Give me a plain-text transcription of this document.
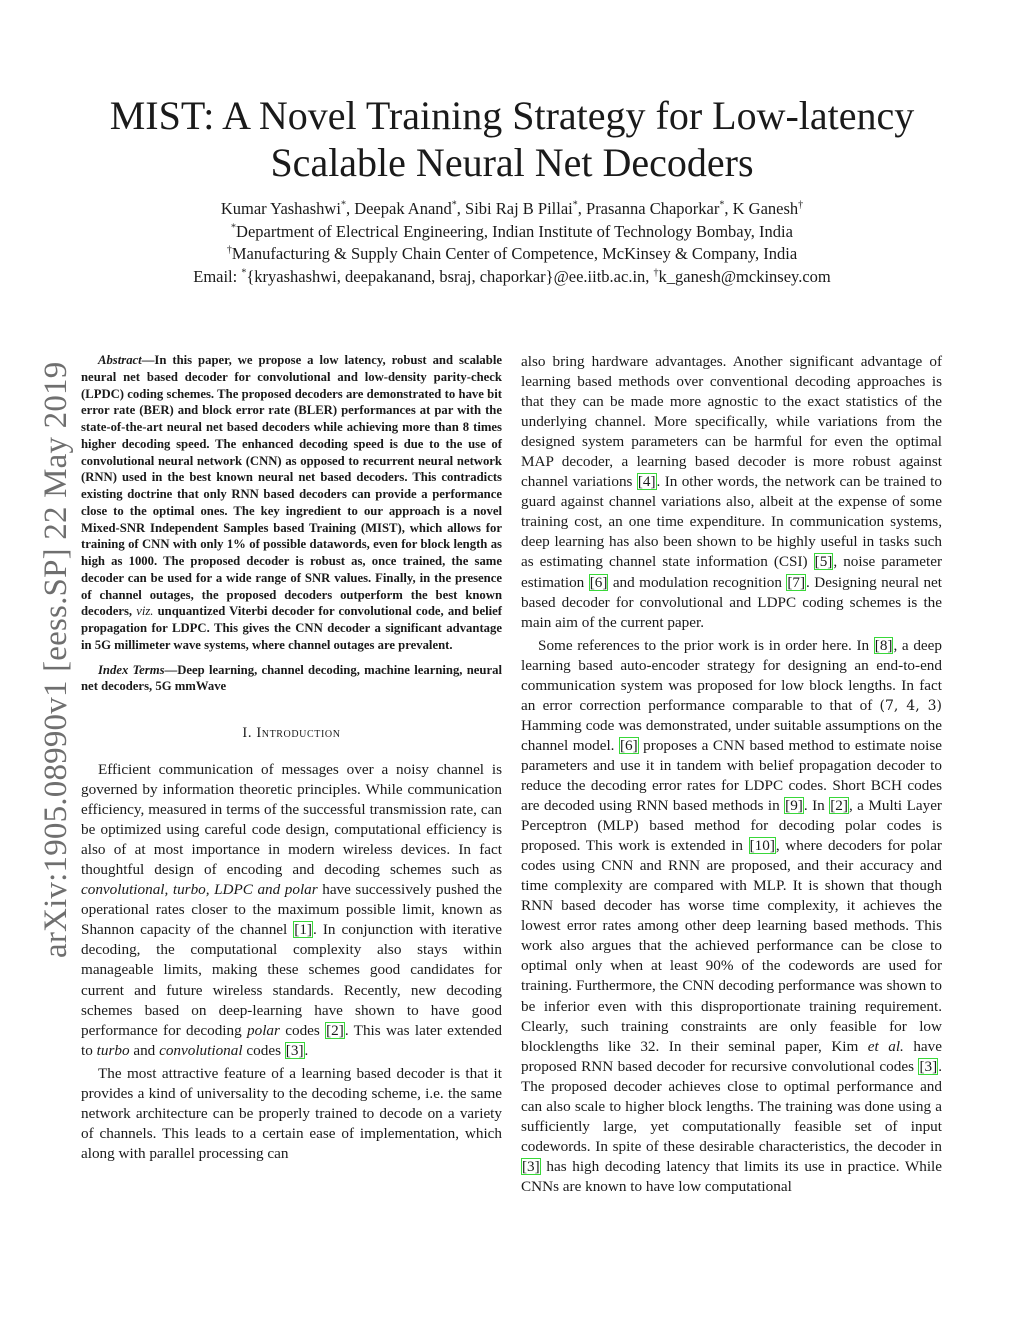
MIST: A Novel Training Strategy for Low-latency
Scalable Neural Net Decoders
Kumar Yashashwi*, Deepak Anand*, Sibi Raj B Pillai*, Prasanna Chaporkar*, K Ganesh†
*Department of Electrical Engineering, Indian Institute of Technology Bombay, India
†Manufacturing & Supply Chain Center of Competence, McKinsey & Company, India
Email: *{kryashashwi, deepakanand, bsraj, chaporkar}@ee.iitb.ac.in, †k_ganesh@mckinsey.com
arXiv:1905.08990v1 [eess.SP] 22 May 2019

Abstract—In this paper, we propose a low latency, robust and scalable neural net based decoder for convolutional and low-density parity-check (LPDC) coding schemes. The proposed decoders are demonstrated to have bit error rate (BER) and block error rate (BLER) performances at par with the state-of-the-art neural net based decoders while achieving more than 8 times higher decoding speed. The enhanced decoding speed is due to the use of convolutional neural network (CNN) as opposed to recurrent neural network (RNN) used in the best known neural net based decoders. This contradicts existing doctrine that only RNN based decoders can provide a performance close to the optimal ones. The key ingredient to our approach is a novel Mixed-SNR Independent Samples based Training (MIST), which allows for training of CNN with only 1% of possible datawords, even for block length as high as 1000. The proposed decoder is robust as, once trained, the same decoder can be used for a wide range of SNR values. Finally, in the presence of channel outages, the proposed decoders outperform the best known decoders, viz. unquantized Viterbi decoder for convolutional code, and belief propagation for LDPC. This gives the CNN decoder a significant advantage in 5G millimeter wave systems, where channel outages are prevalent.

Index Terms—Deep learning, channel decoding, machine learning, neural net decoders, 5G mmWave

I. Introduction

Efficient communication of messages over a noisy channel is governed by information theoretic principles. While communication efficiency, measured in terms of the successful transmission rate, can be optimized using careful code design, computational efficiency is also of at most importance in modern wireless devices. In fact thoughtful design of encoding and decoding schemes such as convolutional, turbo, LDPC and polar have successively pushed the operational rates closer to the maximum possible limit, known as Shannon capacity of the channel [1]. In conjunction with iterative decoding, the computational complexity also stays within manageable limits, making these schemes good candidates for current and future wireless standards. Recently, new decoding schemes based on deep-learning have shown to have good performance for decoding polar codes [2]. This was later extended to turbo and convolutional codes [3].

The most attractive feature of a learning based decoder is that it provides a kind of universality to the decoding scheme, i.e. the same network architecture can be properly trained to decode on a variety of channels. This leads to a certain ease of implementation, which along with parallel processing can

also bring hardware advantages. Another significant advantage of learning based methods over conventional decoding approaches is that they can be made more agnostic to the exact statistics of the underlying channel. More specifically, while variations from the designed system parameters can be harmful for even the optimal MAP decoder, a learning based decoder is more robust against channel variations [4]. In other words, the network can be trained to guard against channel variations also, albeit at the expense of some training cost, an one time expenditure. In communication systems, deep learning has also been shown to be highly useful in tasks such as estimating channel state information (CSI) [5], noise parameter estimation [6] and modulation recognition [7]. Designing neural net based decoder for convolutional and LDPC coding schemes is the main aim of the current paper.

Some references to the prior work is in order here. In [8], a deep learning based auto-encoder strategy for designing an end-to-end communication system was proposed for low block lengths. In fact an error correction performance comparable to that of (7, 4, 3) Hamming code was demonstrated, under suitable assumptions on the channel model. [6] proposes a CNN based method to estimate noise parameters and use it in tandem with belief propagation decoder to reduce the decoding error rates for LDPC codes. Short BCH codes are decoded using RNN based methods in [9]. In [2], a Multi Layer Perceptron (MLP) based method for decoding polar codes is proposed. This work is extended in [10], where decoders for polar codes using CNN and RNN are proposed, and their accuracy and time complexity are compared with MLP. It is shown that though RNN based decoder has worse time complexity, it achieves the lowest error rates among other deep learning based methods. This work also argues that the achieved performance can be close to optimal only when at least 90% of the codewords are used for training. Furthermore, the CNN decoding performance was shown to be inferior even with this disproportionate training requirement. Clearly, such training constraints are only feasible for low blocklengths like 32. In their seminal paper, Kim et al. have proposed RNN based decoder for recursive convolutional codes [3]. The proposed decoder achieves close to optimal performance and can also scale to higher block lengths. The training was done using a sufficiently large, yet computationally feasible set of input codewords. In spite of these desirable characteristics, the decoder in [3] has high decoding latency that limits its use in practice. While CNNs are known to have low computational
